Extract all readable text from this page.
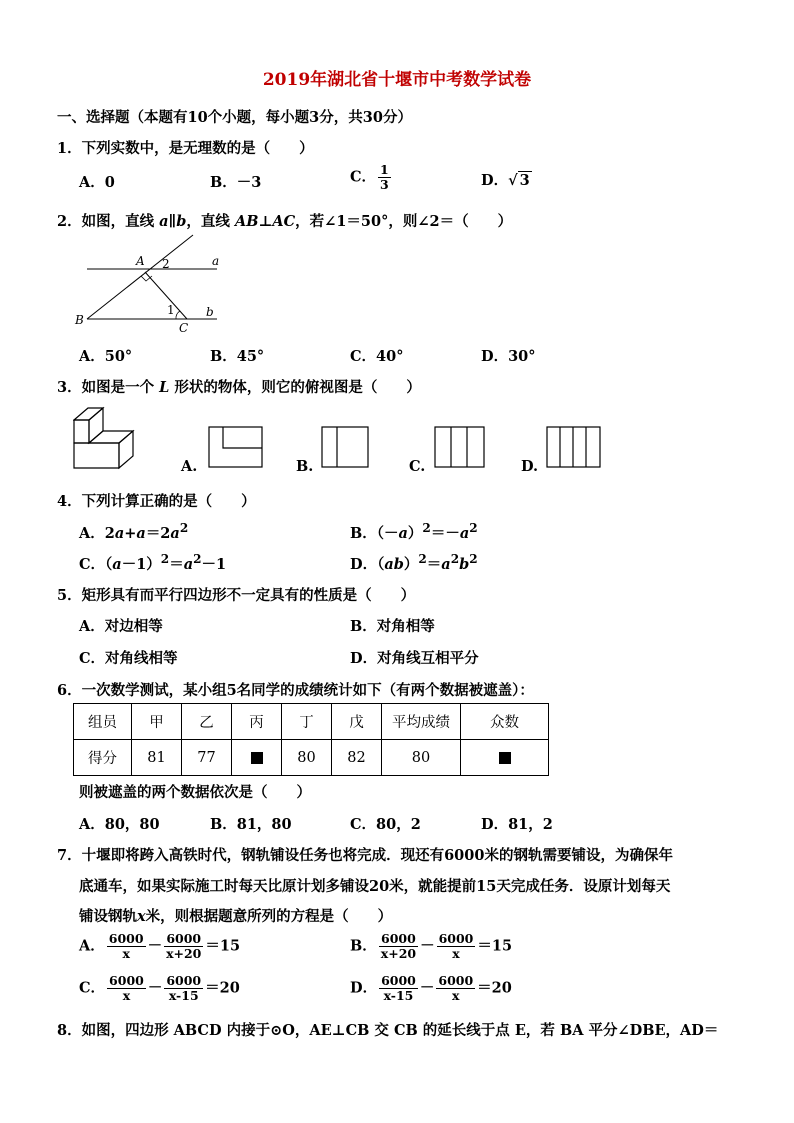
2019年湖北省十堰市中考数学试卷
一、选择题（本题有10个小题，每小题3分，共30分）
1．下列实数中，是无理数的是（　　）
A．0	B．－3	C． $\frac{1}{3}$	D．√ 3
2．如图，直线 a∥b，直线 AB⊥AC，若∠1＝50°，则∠2＝（　　）
A 2	a
B
1
C
b
A．50°	B．45°	C．40°	D．30°
3．如图是一个 L 形状的物体，则它的俯视图是（　　）
A.	B.	C.	D.
4．下列计算正确的是（　　）
A．$2a+a=2a^2$	B．$(-a)^2=-a^2$
C．$(a-1)^2=a^2-1$	D．$(ab)^2=a^2b^2$
5．矩形具有而平行四边形不一定具有的性质是（　　）
A．对边相等	B．对角相等
C．对角线相等	D．对角线互相平分
6．一次数学测试，某小组5名同学的成绩统计如下（有两个数据被遮盖）：
组员	甲	乙	丙	丁	戊	平均成绩	众数
得分	81	77		80	82	80	
则被遮盖的两个数据依次是（　　）
A．80，80	B．81，80	C．80，2	D．81，2
7．十堰即将跨入高铁时代，钢轨铺设任务也将完成．现还有6000米的钢轨需要铺设，为确保年
底通车，如果实际施工时每天比原计划多铺设20米，就能提前15天完成任务．设原计划每天
铺设钢轨x米，则根据题意所列的方程是（　　）
A． $\frac{6000}{x} - \frac{6000}{x+20} =15$	B． $\frac{6000}{x+20} - \frac{6000}{x} =15$
C． $\frac{6000}{x} - \frac{6000}{x-15} =20$	D． $\frac{6000}{x-15} - \frac{6000}{x} =20$
8．如图，四边形 ABCD 内接于⊙O，AE⊥CB 交 CB 的延长线于点 E，若 BA 平分∠DBE，AD＝
